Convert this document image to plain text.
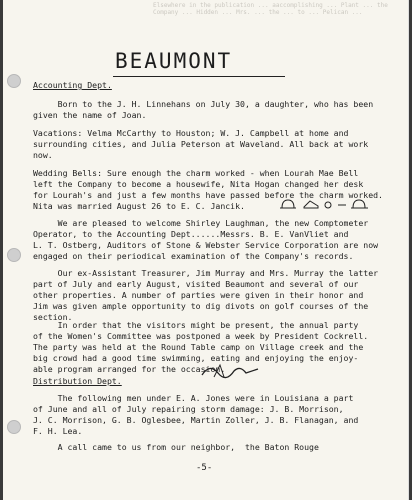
Elsewhere in the publication ... aaccomplishing ... Plant ... the Company ... Hidden ... Mrs. ... the ... to ... Pelican ...
BEAUMONT
Accounting Dept.
Born to the J. H. Linnehans on July 30, a daughter, who has been
given the name of Joan.
Vacations: Velma McCarthy to Houston; W. J. Campbell at home and
surrounding cities, and Julia Peterson at Waveland. All back at work
now.
Wedding Bells: Sure enough the charm worked - when Lourah Mae Bell
left the Company to become a housewife, Nita Hogan changed her desk
for Lourah's and just a few months have passed before the charm worked.
Nita was married August 26 to E. C. Jancik.
We are pleased to welcome Shirley Laughman, the new Comptometer
Operator, to the Accounting Dept......Messrs. B. E. VanVliet and
L. T. Ostberg, Auditors of Stone & Webster Service Corporation are now
engaged on their periodical examination of the Company's records.
Our ex-Assistant Treasurer, Jim Murray and Mrs. Murray the latter
part of July and early August, visited Beaumont and several of our
other properties. A number of parties were given in their honor and
Jim was given ample opportunity to dig divots on golf courses of the
section.
In order that the visitors might be present, the annual party
of the Women's Committee was postponed a week by President Cockrell.
The party was held at the Round Table camp on Village creek and the
big crowd had a good time swimming, eating and enjoying the enjoy-
able program arranged for the occasion.
Distribution Dept.
The following men under E. A. Jones were in Louisiana a part
of June and all of July repairing storm damage: J. B. Morrison,
J. C. Morrison, G. B. Oglesbee, Martin Zoller, J. B. Flanagan, and
F. H. Lea.
A call came to us from our neighbor,  the Baton Rouge
-5-
